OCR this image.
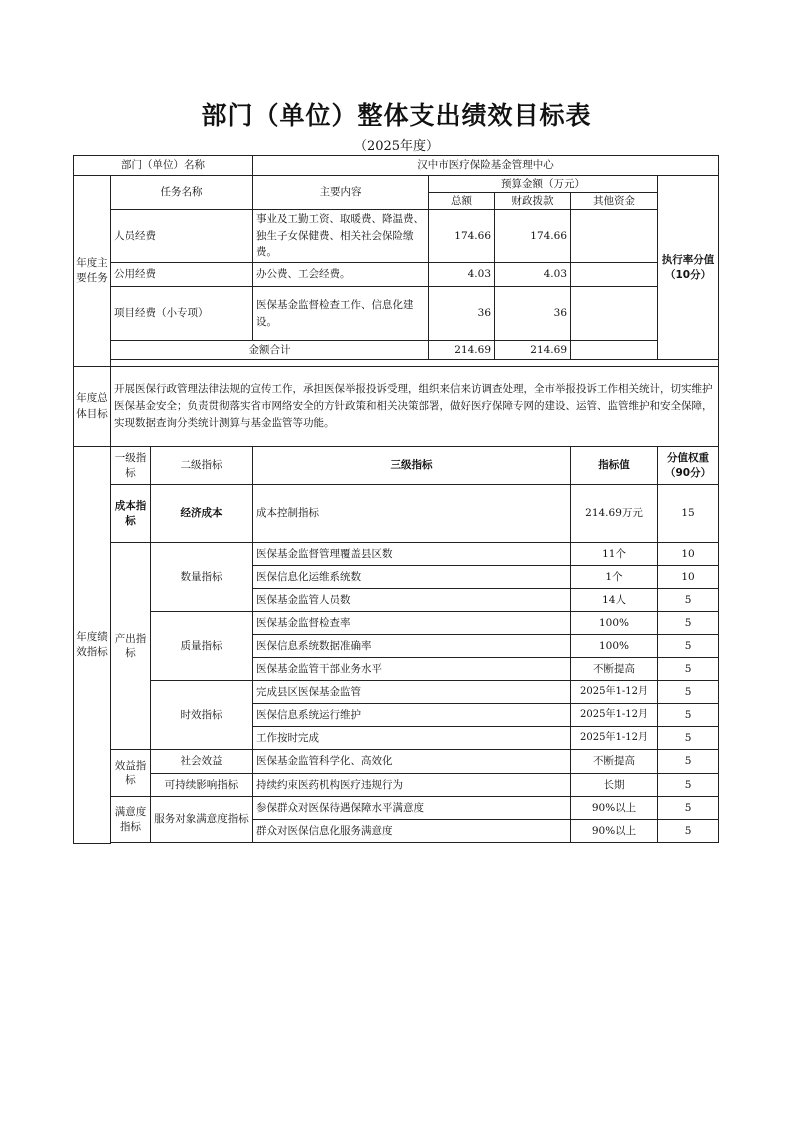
部门（单位）整体支出绩效目标表
（2025年度）
部门（单位）名称			汉中市医疗保险基金管理中心				

年度主要任务	任务名称		主要内容	预算金额（万元）			执行率分值（10分）
				总额	财政拨款	其他资金	
	人员经费		事业及工勤工资、取暖费、降温费、独生子女保健费、相关社会保险缴费。	174.66	174.66		
	公用经费		办公费、工会经费。	4.03	4.03		
	项目经费（小专项）		医保基金监督检查工作、信息化建设。	36	36		
	金额合计			214.69	214.69		

年度总体目标	开展医保行政管理法律法规的宣传工作，承担医保举报投诉受理，组织来信来访调查处理，全市举报投诉工作相关统计，切实维护医保基金安全；负责贯彻落实省市网络安全的方针政策和相关决策部署，做好医疗保障专网的建设、运管、监管维护和安全保障，实现数据查询分类统计测算与基金监管等功能。						

年度绩效指标	一级指标	二级指标	三级指标			指标值	分值权重（90分）
	成本指标	经济成本	成本控制指标			214.69万元	15
	产出指标	数量指标	医保基金监督管理覆盖县区数			11个	10
			医保信息化运维系统数			1个	10
			医保基金监管人员数			14人	5
		质量指标	医保基金监督检查率			100%	5
			医保信息系统数据准确率			100%	5
			医保基金监管干部业务水平			不断提高	5
		时效指标	完成县区医保基金监管			2025年1-12月	5
			医保信息系统运行维护			2025年1-12月	5
			工作按时完成			2025年1-12月	5
	效益指标	社会效益	医保基金监管科学化、高效化			不断提高	5
		可持续影响指标	持续约束医药机构医疗违规行为			长期	5
	满意度指标	服务对象满意度指标	参保群众对医保待遇保障水平满意度			90%以上	5
			群众对医保信息化服务满意度			90%以上	5
